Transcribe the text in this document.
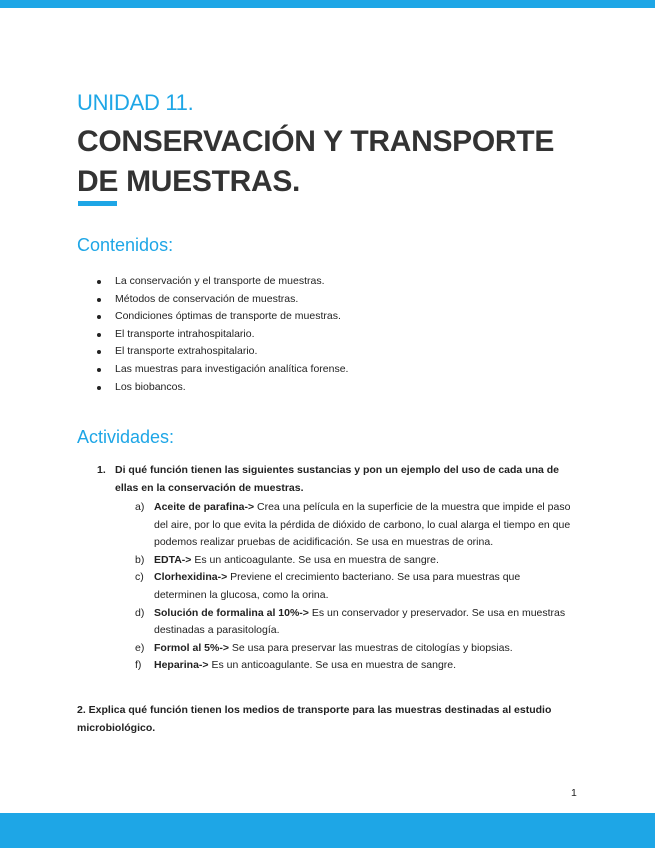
UNIDAD 11.
CONSERVACIÓN Y TRANSPORTE DE MUESTRAS.
Contenidos:
La conservación y el transporte de muestras.
Métodos de conservación de muestras.
Condiciones óptimas de transporte de muestras.
El transporte intrahospitalario.
El transporte extrahospitalario.
Las muestras para investigación analítica forense.
Los biobancos.
Actividades:
1. Di qué función tienen las siguientes sustancias y pon un ejemplo del uso de cada una de ellas en la conservación de muestras.
a) Aceite de parafina-> Crea una película en la superficie de la muestra que impide el paso del aire, por lo que evita la pérdida de dióxido de carbono, lo cual alarga el tiempo en que podemos realizar pruebas de acidificación. Se usa en muestras de orina.
b) EDTA-> Es un anticoagulante. Se usa en muestra de sangre.
c) Clorhexidina-> Previene el crecimiento bacteriano. Se usa para muestras que determinen la glucosa, como la orina.
d) Solución de formalina al 10%-> Es un conservador y preservador. Se usa en muestras destinadas a parasitología.
e) Formol al 5%-> Se usa para preservar las muestras de citologías y biopsias.
f) Heparina-> Es un anticoagulante. Se usa en muestra de sangre.
2. Explica qué función tienen los medios de transporte para las muestras destinadas al estudio microbiológico.
1
